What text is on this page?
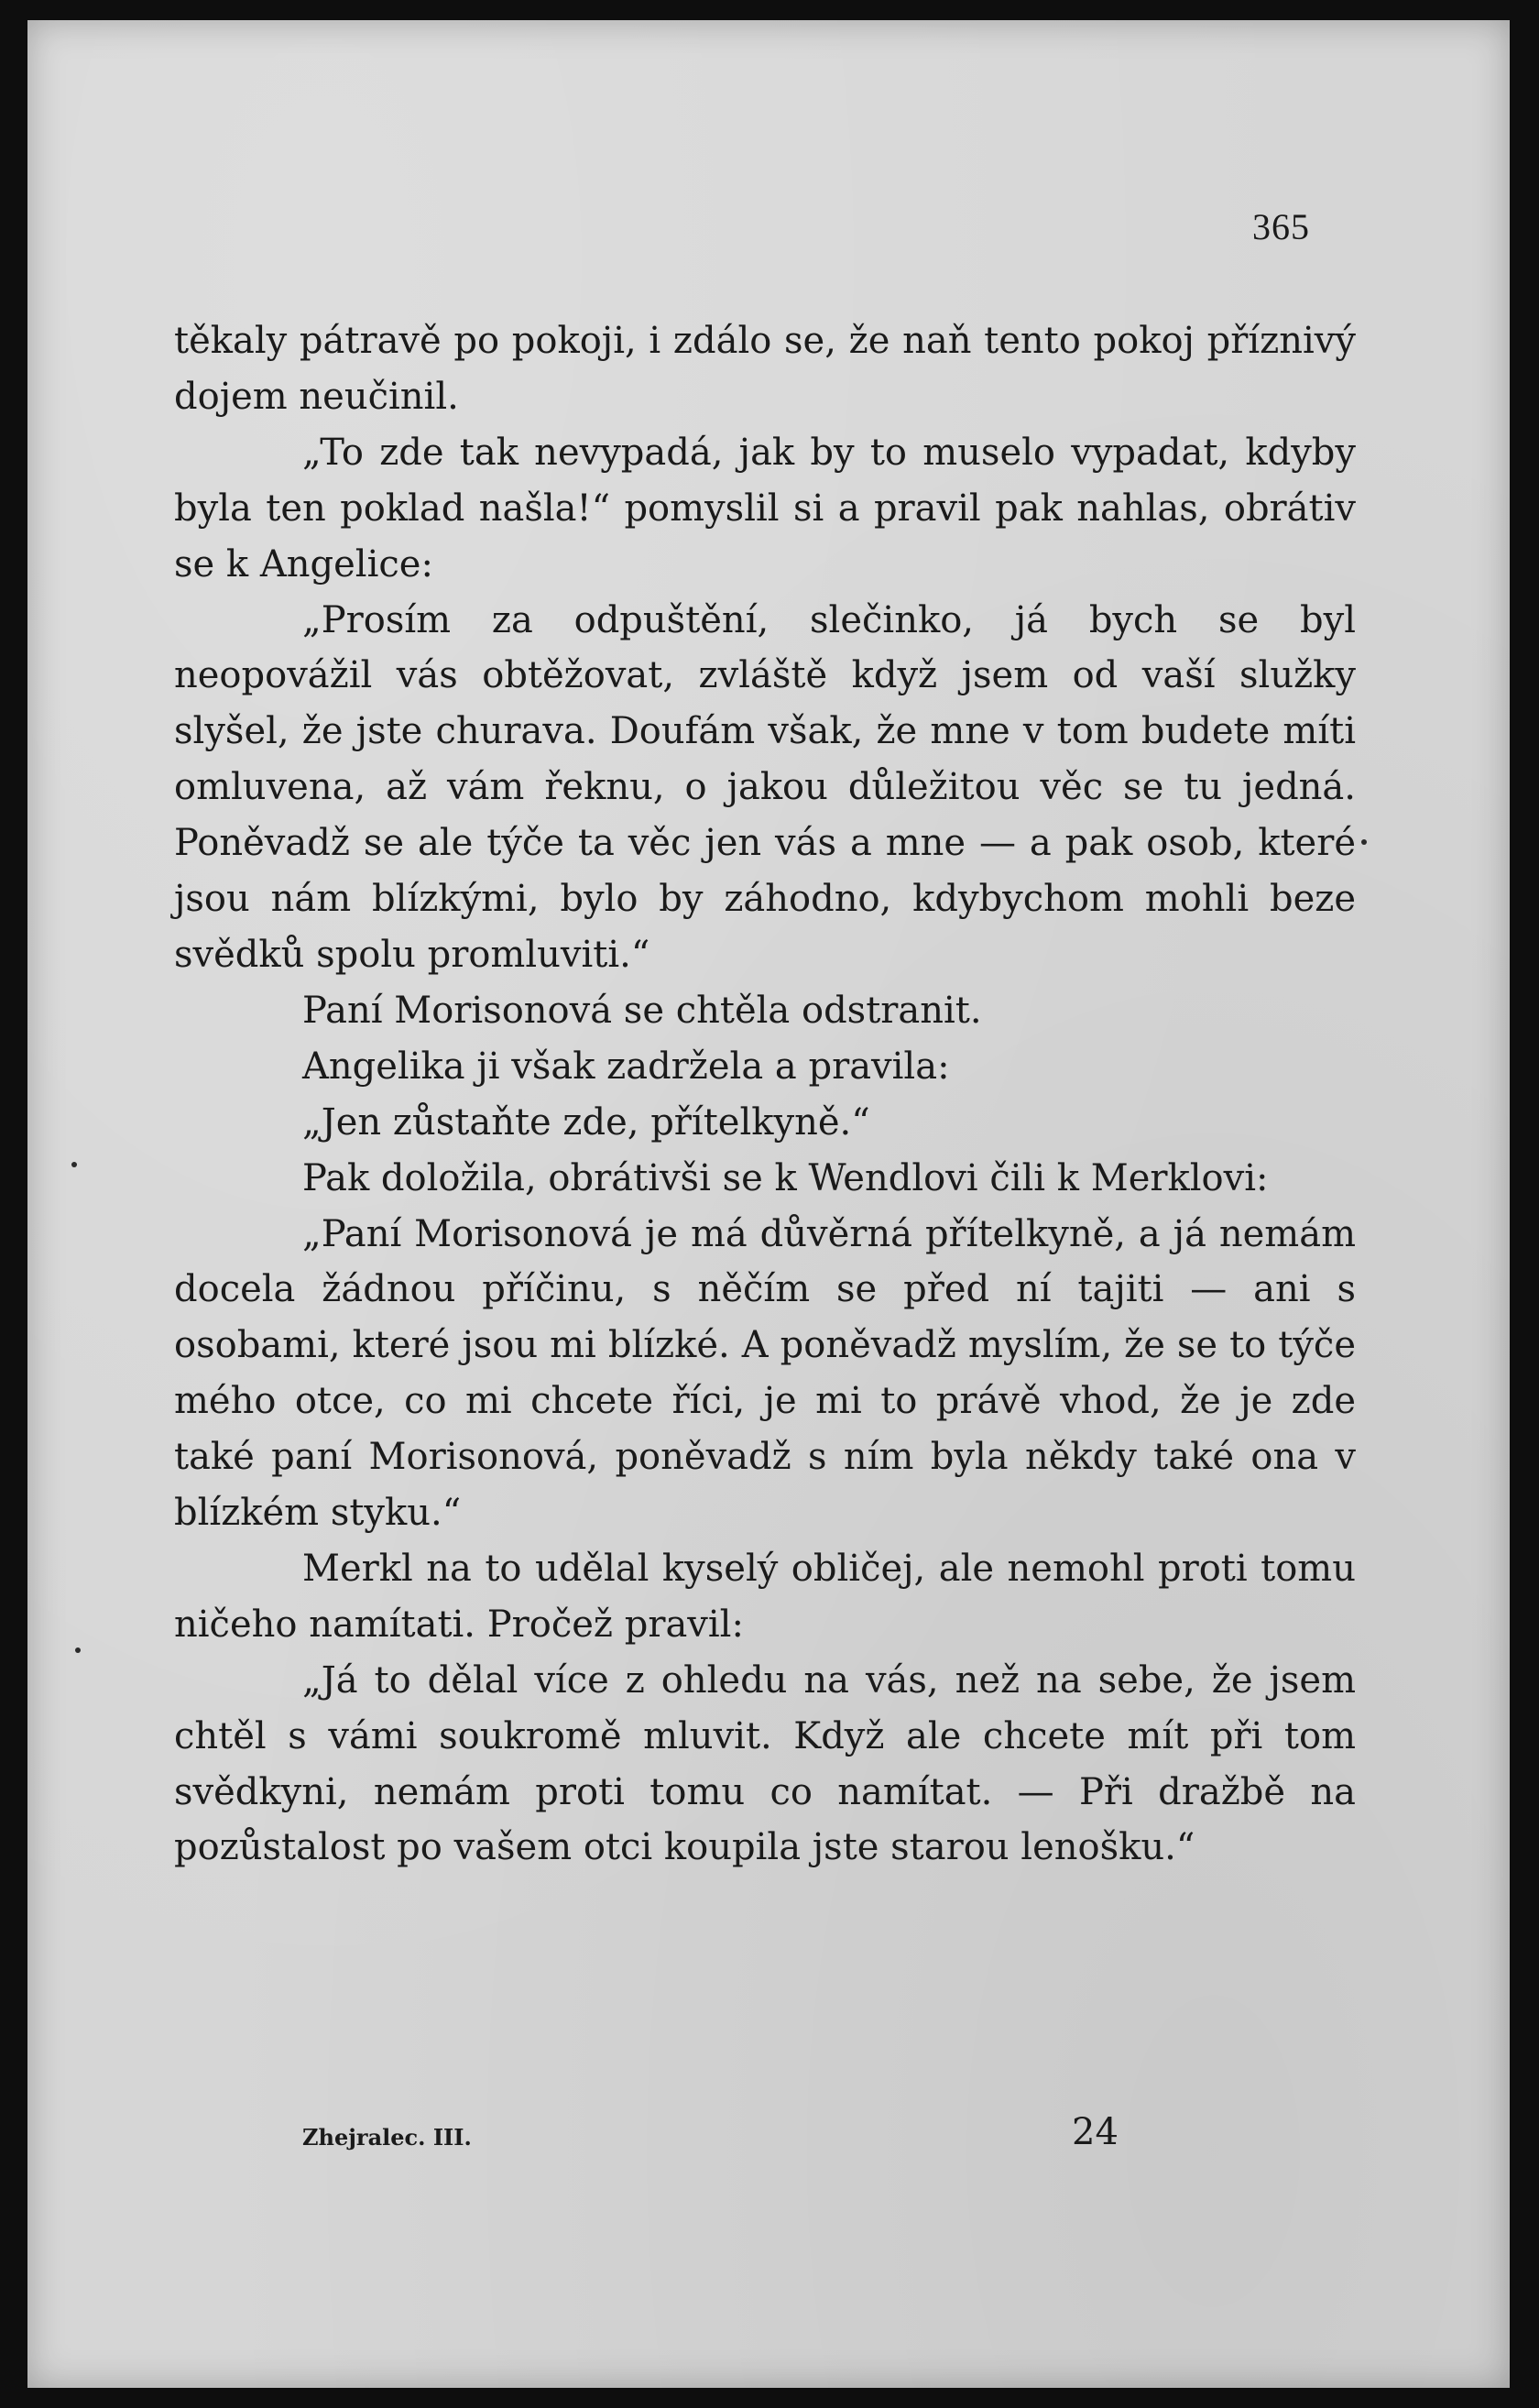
365

těkaly pátravě po pokoji, i zdálo se, že naň tento pokoj příznivý dojem neučinil.

„To zde tak nevypadá, jak by to muselo vypadat, kdyby byla ten poklad našla!“ pomyslil si a pravil pak nahlas, obrátiv se k Angelice:

„Prosím za odpuštění, slečinko, já bych se byl neopovážil vás obtěžovat, zvláště když jsem od vaší služky slyšel, že jste churava. Doufám však, že mne v tom budete míti omluvena, až vám řeknu, o jakou důležitou věc se tu jedná. Poněvadž se ale týče ta věc jen vás a mne — a pak osob, které jsou nám blízkými, bylo by záhodno, kdybychom mohli beze svědků spolu promluviti.“

Paní Morisonová se chtěla odstranit.

Angelika ji však zadržela a pravila:

„Jen zůstaňte zde, přítelkyně.“

Pak doložila, obrátivši se k Wendlovi čili k Merklovi:

„Paní Morisonová je má důvěrná přítelkyně, a já nemám docela žádnou příčinu, s něčím se před ní tajiti — ani s osobami, které jsou mi blízké. A poněvadž myslím, že se to týče mého otce, co mi chcete říci, je mi to právě vhod, že je zde také paní Morisonová, poněvadž s ním byla někdy také ona v blízkém styku.“

Merkl na to udělal kyselý obličej, ale nemohl proti tomu ničeho namítati. Pročež pravil:

„Já to dělal více z ohledu na vás, než na sebe, že jsem chtěl s vámi soukromě mluvit. Když ale chcete mít při tom svědkyni, nemám proti tomu co namítat. — Při dražbě na pozůstalost po vašem otci koupila jste starou lenošku.“

Zhejralec. III.	24
